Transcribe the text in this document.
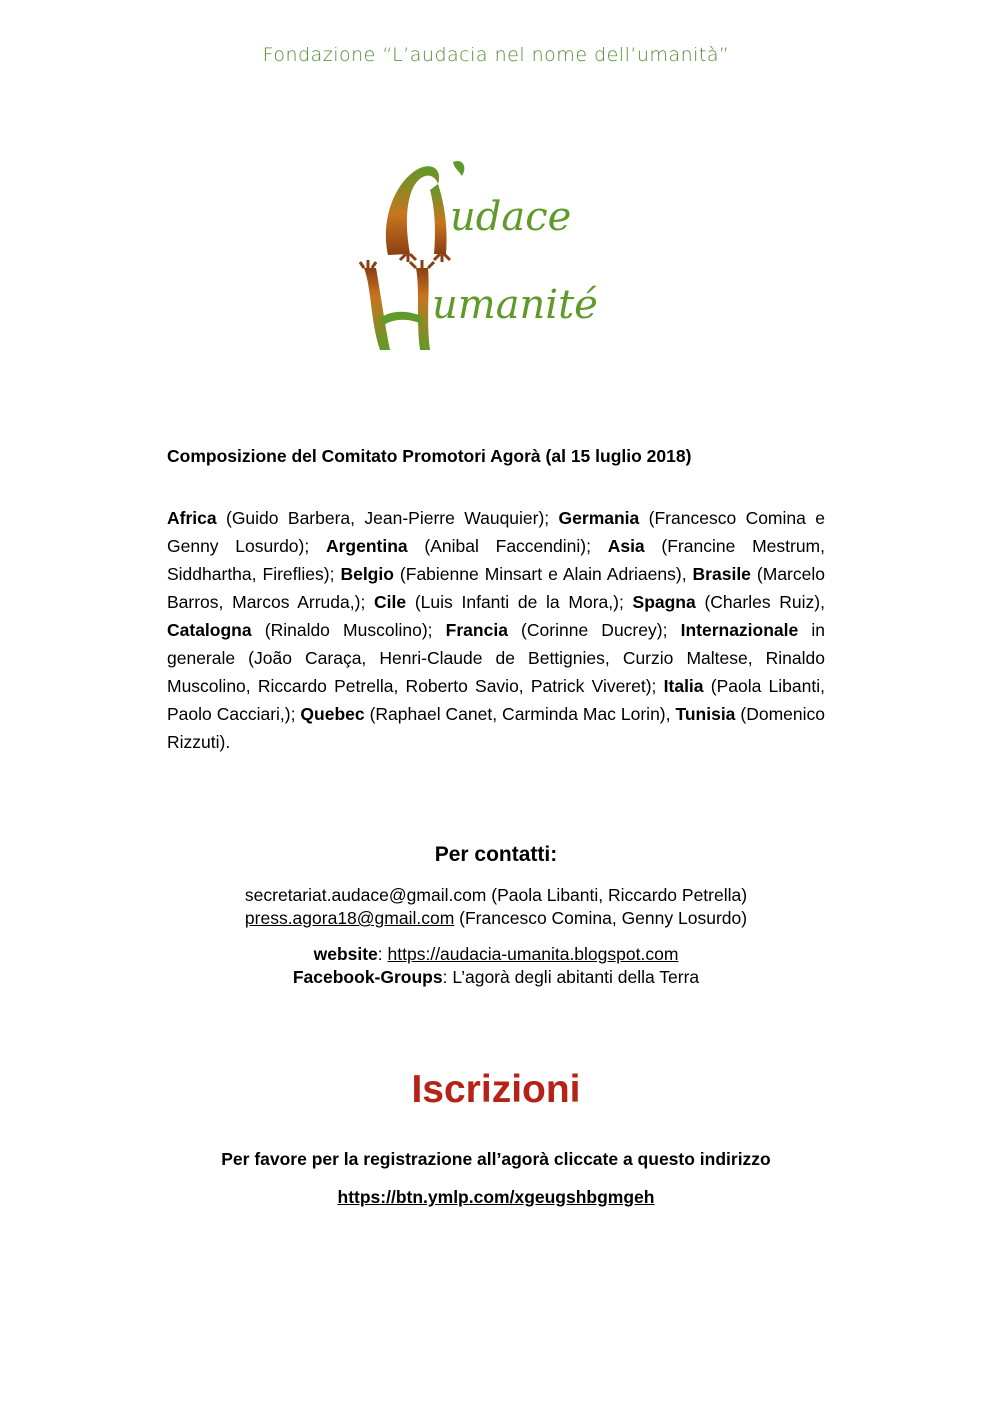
Fondazione “L’audacia nel nome dell’umanità”
udace
umanité
Composizione del Comitato Promotori Agorà (al 15 luglio 2018)
Africa (Guido Barbera, Jean-Pierre Wauquier); Germania (Francesco Comina e Genny Losurdo); Argentina (Anibal Faccendini); Asia (Francine Mestrum, Siddhartha, Fireflies); Belgio (Fabienne Minsart e Alain Adriaens), Brasile (Marcelo Barros, Marcos Arruda,); Cile (Luis Infanti de la Mora,); Spagna (Charles Ruiz), Catalogna (Rinaldo Muscolino); Francia (Corinne Ducrey); Internazionale in generale (João Caraça, Henri-Claude de Bettignies, Curzio Maltese, Rinaldo Muscolino, Riccardo Petrella, Roberto Savio, Patrick Viveret); Italia (Paola Libanti, Paolo Cacciari,); Quebec (Raphael Canet, Carminda Mac Lorin), Tunisia (Domenico Rizzuti).
Per contatti:
secretariat.audace@gmail.com (Paola Libanti, Riccardo Petrella)
press.agora18@gmail.com (Francesco Comina, Genny Losurdo)
website: https://audacia-umanita.blogspot.com
Facebook-Groups: L’agorà degli abitanti della Terra
Iscrizioni
Per favore per la registrazione all’agorà cliccate a questo indirizzo
https://btn.ymlp.com/xgeugshbgmgeh
